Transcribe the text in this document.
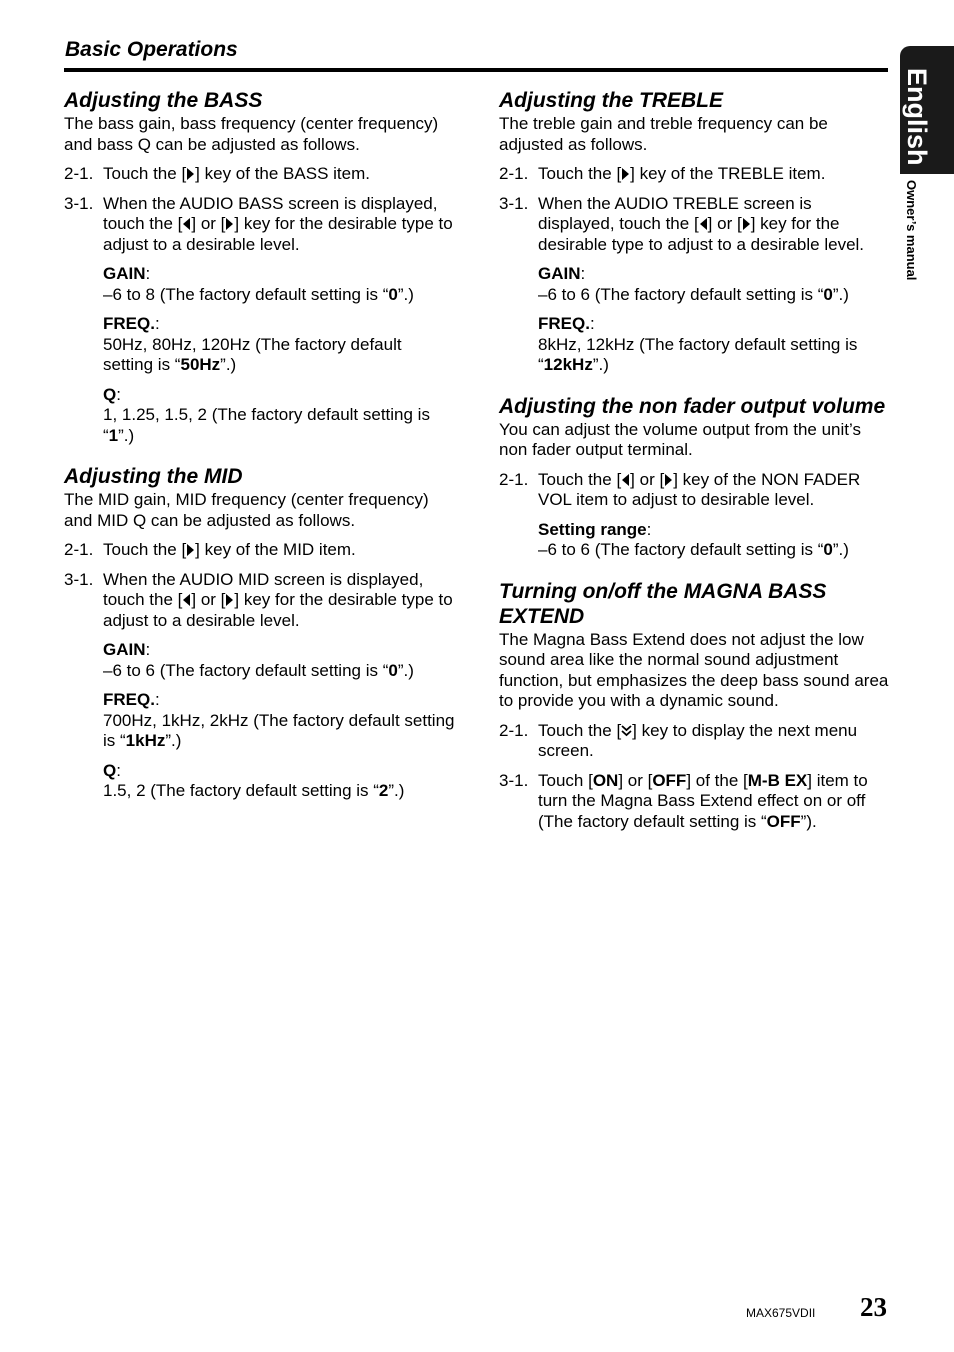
Basic Operations
English
Owner’s manual
Adjusting the BASS

The bass gain, bass frequency (center frequency) and bass Q can be adjusted as follows.

2-1. Touch the [ ] key of the BASS item.
3-1. When the AUDIO BASS screen is displayed, touch the [ ] or [ ] key for the desirable type to adjust to a desirable level.
GAIN:
–6 to 8 (The factory default setting is “0”.)
FREQ.:
50Hz, 80Hz, 120Hz (The factory default setting is “50Hz”.)
Q:
1, 1.25, 1.5, 2 (The factory default setting is “1”.)
Adjusting the MID

The MID gain, MID frequency (center frequency) and MID Q can be adjusted as follows.

2-1. Touch the [ ] key of the MID item.
3-1. When the AUDIO MID screen is displayed, touch the [ ] or [ ] key for the desirable type to adjust to a desirable level.
GAIN:
–6 to 6 (The factory default setting is “0”.)
FREQ.:
700Hz, 1kHz, 2kHz (The factory default setting is “1kHz”.)
Q:
1.5, 2 (The factory default setting is “2”.)
Adjusting the TREBLE

The treble gain and treble frequency can be adjusted as follows.

2-1. Touch the [ ] key of the TREBLE item.
3-1. When the AUDIO TREBLE screen is displayed, touch the [ ] or [ ] key for the desirable type to adjust to a desirable level.
GAIN:
–6 to 6 (The factory default setting is “0”.)
FREQ.:
8kHz, 12kHz (The factory default setting is “12kHz”.)
Adjusting the non fader output volume

You can adjust the volume output from the unit’s non fader output terminal.

2-1. Touch the [ ] or [ ] key of the NON FADER VOL item to adjust to desirable level.
Setting range:
–6 to 6 (The factory default setting is “0”.)
Turning on/off the MAGNA BASS EXTEND

The Magna Bass Extend does not adjust the low sound area like the normal sound adjustment function, but emphasizes the deep bass sound area to provide you with a dynamic sound.

2-1. Touch the [ ] key to display the next menu screen.
3-1. Touch [ON] or [OFF] of the [M-B EX] item to turn the Magna Bass Extend effect on or off (The factory default setting is “OFF”).
MAX675VDII 23
